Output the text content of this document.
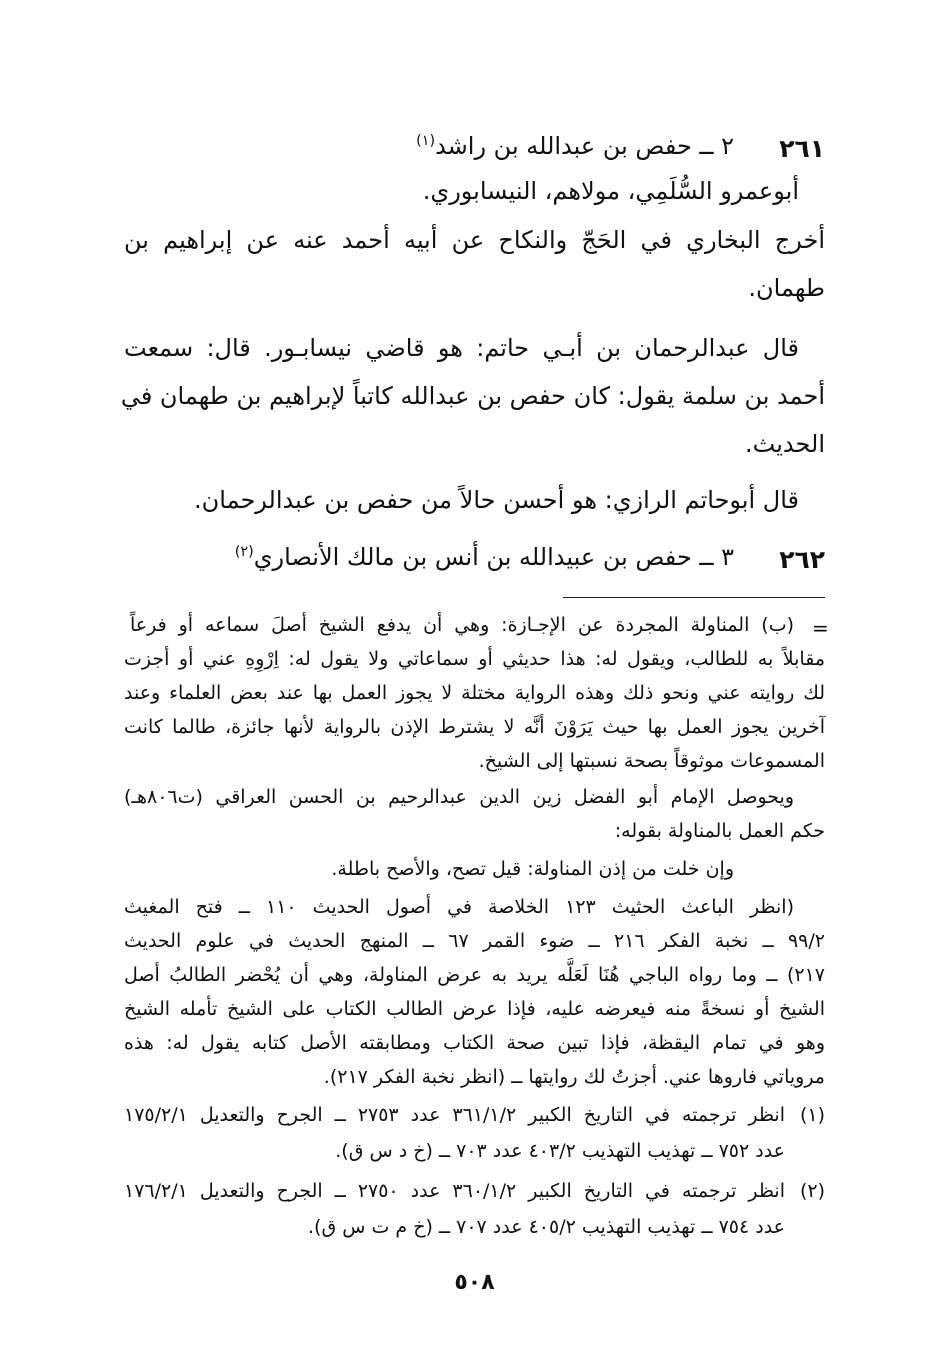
٢٦١
٢ ــ حفص بن عبدالله بن راشد$^{(١)}$
أبوعمرو السُّلَمِي، مولاهم، النيسابوري.
أخرج البخاري في الحَجّ والنكاح عن أبيه أحمد عنه عن إبراهيم بن
طهمان.
قال عبدالرحمان بن أبـي حاتم: هو قاضي نيسابـور. قال: سمعت
أحمد بن سلمة يقول: كان حفص بن عبدالله كاتباً لإبراهيم بن طهمان في
الحديث.
قال أبوحاتم الرازي: هو أحسن حالاً من حفص بن عبدالرحمان.
٢٦٢
٣ ــ حفص بن عبيدالله بن أنس بن مالك الأنصاري$^{(٢)}$
=
(ب) المناولة المجردة عن الإجـازة: وهي أن يدفع الشيخ أصلَ سماعه أو فرعاً
مقابلاً به للطالب، ويقول له: هذا حديثي أو سماعاتي ولا يقول له: اِرْوِهِ عني أو أجزت
لك روايته عني ونحو ذلك وهذه الرواية مختلة لا يجوز العمل بها عند بعض العلماء وعند
آخرين يجوز العمل بها حيث يَرَوْنَ أنَّه لا يشترط الإذن بالرواية لأنها جائزة، طالما كانت
المسموعات موثوقاً بصحة نسبتها إلى الشيخ.
ويحوصل الإمام أبو الفضل زين الدين عبدالرحيم بن الحسن العراقي (ت٨٠٦هـ)
حكم العمل بالمناولة بقوله:
وإن خلت من إذن المناولة: قيل تصح، والأصح باطلة.
(انظر الباعث الحثيث ١٢٣ الخلاصة في أصول الحديث ١١٠ ــ فتح المغيث
٩٩/٢ ــ نخبة الفكر ٢١٦ ــ ضوء القمر ٦٧ ــ المنهج الحديث في علوم الحديث
٢١٧) ــ وما رواه الباجي هُنَا لَعَلَّه يريد به عرض المناولة، وهي أن يُحْضر الطالبُ أصل
الشيخ أو نسخةً منه فيعرضه عليه، فإذا عرض الطالب الكتاب على الشيخ تأمله الشيخ
وهو في تمام اليقظة، فإذا تبين صحة الكتاب ومطابقته الأصل كتابه يقول له: هذه
مروياتي فاروها عني. أجزتُ لك روايتها ــ (انظر نخبة الفكر ٢١٧).
(١)
انظر ترجمته في التاريخ الكبير ٣٦١/١/٢ عدد ٢٧٥٣ ــ الجرح والتعديل ١٧٥/٢/١
عدد ٧٥٢ ــ تهذيب التهذيب ٤٠٣/٢ عدد ٧٠٣ ــ (خ د س ق).
(٢)
انظر ترجمته في التاريخ الكبير ٣٦٠/١/٢ عدد ٢٧٥٠ ــ الجرح والتعديل ١٧٦/٢/١
عدد ٧٥٤ ــ تهذيب التهذيب ٤٠٥/٢ عدد ٧٠٧ ــ (خ م ت س ق).
٥٠٨
